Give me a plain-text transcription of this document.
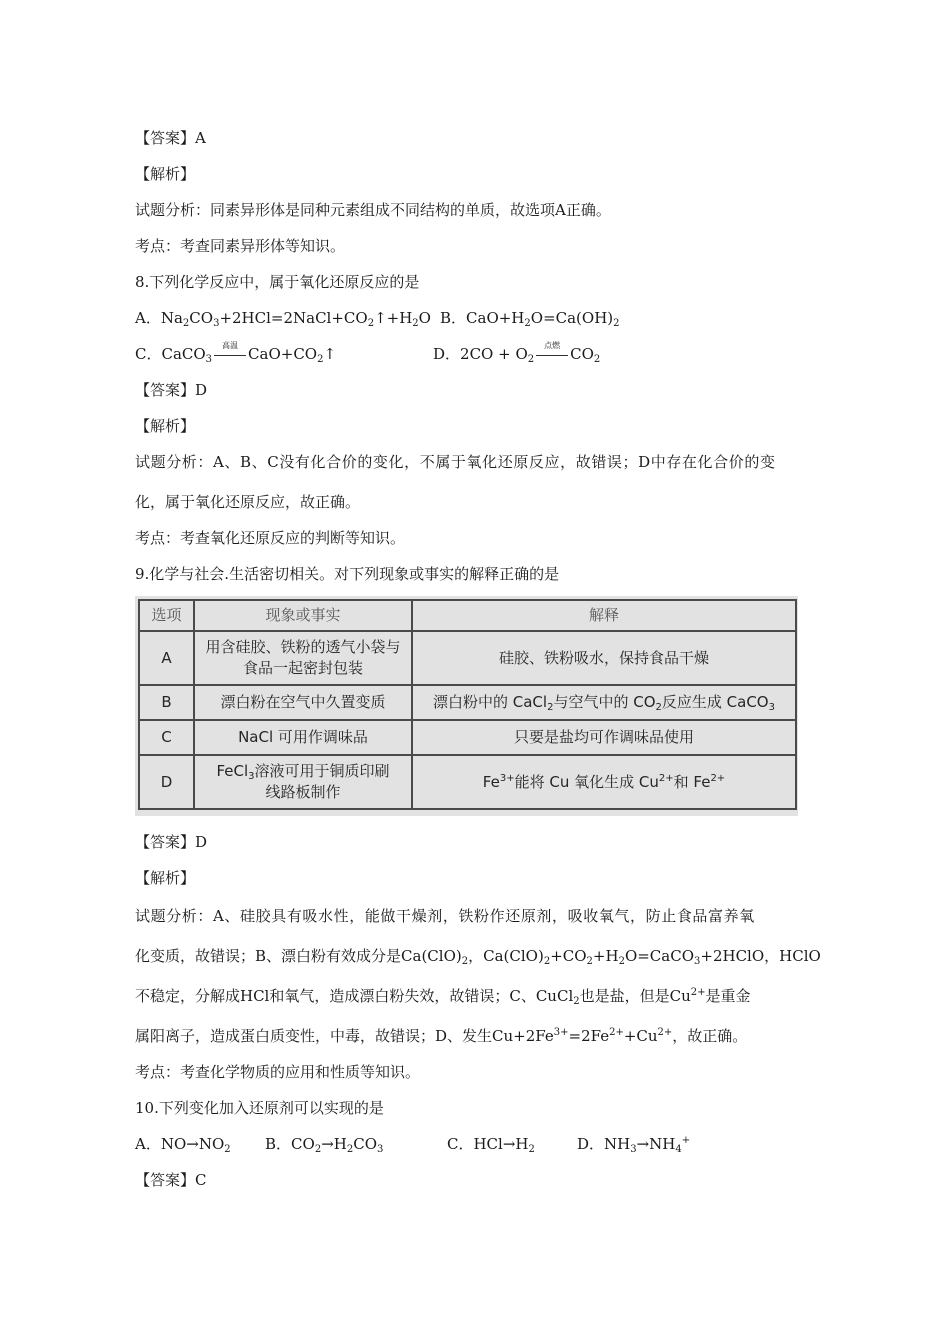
【答案】A
【解析】
试题分析：同素异形体是同种元素组成不同结构的单质，故选项A正确。
考点：考查同素异形体等知识。
8.下列化学反应中，属于氧化还原反应的是
A．$Na_2CO_3+2HCl=2NaCl+CO_2↑+H_2O$ B．$CaO+H_2O=Ca(OH)_2$
C．CaCO$_3$
高温 $CaO+CO_2↑$	D．$2CO + O_2$
点燃 $CO_2$
【答案】D
【解析】
试题分析：A、B、C没有化合价的变化，不属于氧化还原反应，故错误；D中存在化合价的变
化，属于氧化还原反应，故正确。
考点：考查氧化还原反应的判断等知识。
9.化学与社会.生活密切相关。对下列现象或事实的解释正确的是
选项	现象或事实	解释
A	用含硅胶、铁粉的透气小袋与
食品一起密封包装	硅胶、铁粉吸水，保持食品干燥
B	漂白粉在空气中久置变质	漂白粉中的 CaCl$_2$与空气中的 $CO_2$反应生成 CaCO$_3$
C	NaCl 可用作调味品	只要是盐均可作调味品使用
D	FeCl$_3$溶液可用于铜质印刷
线路板制作	$Fe^{3+}$能将 Cu 氧化生成 $Cu^{2+}$和 $Fe^{2+}$
【答案】D
【解析】
试题分析：A、硅胶具有吸水性，能做干燥剂，铁粉作还原剂，吸收氧气，防止食品富养氧
化变质，故错误；B、漂白粉有效成分是$Ca(ClO)_2$，$Ca(ClO)_2+CO_2+H_2O=CaCO_3+2HClO$，HClO
不稳定，分解成HCl和氧气，造成漂白粉失效，故错误；C、CuCl$_2$也是盐，但是$Cu^{2+}$是重金
属阳离子，造成蛋白质变性，中毒，故错误；D、发生$Cu+2Fe^{3+}=2Fe^{2+}+Cu^{2+}$，故正确。
考点：考查化学物质的应用和性质等知识。
10.下列变化加入还原剂可以实现的是
A．$NO\to NO_2$ B．$CO_2\to H_2CO_3$	C．$HCl\to H_2$	D．$NH_3\to NH_4^+$
【答案】C
